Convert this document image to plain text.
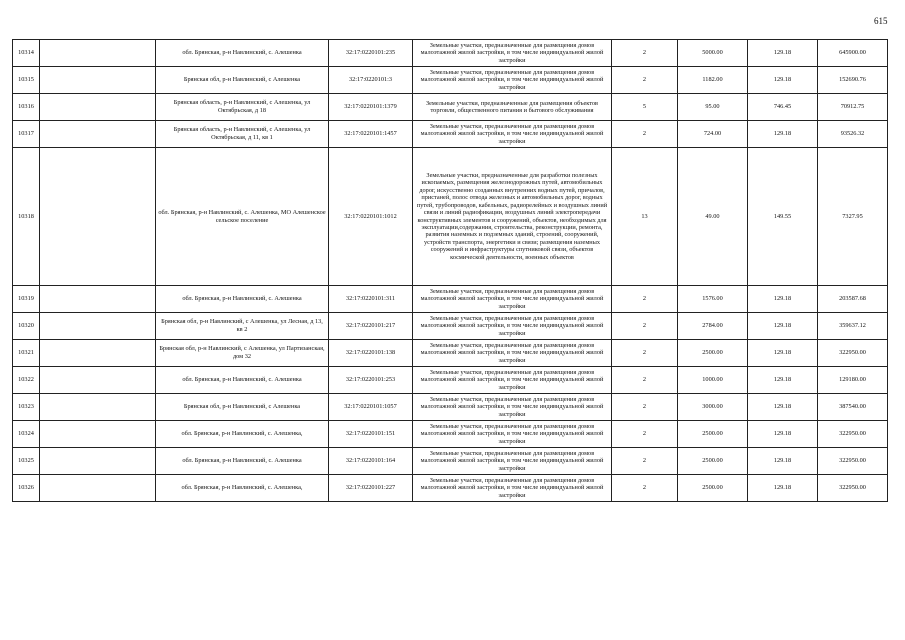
615
10314		обл. Брянская, р-н Навлинский, с. Алешенка	32:17:0220101:235	Земельные участки, предназначенные для размещения домов малоэтажной жилой застройки, в том числе индивидуальной жилой застройки	2	5000.00	129.18	645900.00
10315		Брянская обл, р-н Навлинский, с Алешенка	32:17:0220101:3	Земельные участки, предназначенные для размещения домов малоэтажной жилой застройки, в том числе индивидуальной жилой застройки	2	1182.00	129.18	152690.76
10316		Брянская область, р-н Навлинский, с Алешенка, ул Октябрьская, д 18	32:17:0220101:1379	Земельные участки, предназначенные для размещения объектов торговли, общественного питания и бытового обслуживания	5	95.00	746.45	70912.75
10317		Брянская область, р-н Навлинский, с Алешенка, ул Октябрьская, д 11, кв 1	32:17:0220101:1457	Земельные участки, предназначенные для размещения домов малоэтажной жилой застройки, в том числе индивидуальной жилой застройки	2	724.00	129.18	93526.32
10318		обл. Брянская, р-н Навлинский, с. Алешенка, МО Алешенское сельское поселение	32:17:0220101:1012	Земельные участки, предназначенные для разработки полезных ископаемых, размещения железнодорожных путей, автомобильных дорог, искусственно созданных внутренних водных путей, причалов, пристаней, полос отвода железных и автомобильных дорог, водных путей, трубопроводов, кабельных, радиорелейных и воздушных линий связи и линий радиофикации, воздушных линий электропередачи конструктивных элементов и сооружений, объектов, необходимых для эксплуатации,содержания, строительства, реконструкции, ремонта, развития наземных и подземных зданий, строений, сооружений, устройств транспорта, энергетики и связи; размещения наземных сооружений и инфраструктуры спутниковой связи, объектов космической деятельности, военных объектов	13	49.00	149.55	7327.95
10319		обл. Брянская, р-н Навлинский, с. Алешенка	32:17:0220101:311	Земельные участки, предназначенные для размещения домов малоэтажной жилой застройки, в том числе индивидуальной жилой застройки	2	1576.00	129.18	203587.68
10320		Брянская обл, р-н Навлинский, с Алешенка, ул Лесная, д 13, кв 2	32:17:0220101:217	Земельные участки, предназначенные для размещения домов малоэтажной жилой застройки, в том числе индивидуальной жилой застройки	2	2784.00	129.18	359637.12
10321		Брянская обл, р-н Навлинский, с Алешенка, ул Партизанская, дом 32	32:17:0220101:138	Земельные участки, предназначенные для размещения домов малоэтажной жилой застройки, в том числе индивидуальной жилой застройки	2	2500.00	129.18	322950.00
10322		обл. Брянская, р-н Навлинский, с. Алешенка	32:17:0220101:253	Земельные участки, предназначенные для размещения домов малоэтажной жилой застройки, в том числе индивидуальной жилой застройки	2	1000.00	129.18	129180.00
10323		Брянская обл, р-н Навлинский, с Алешенка	32:17:0220101:1057	Земельные участки, предназначенные для размещения домов малоэтажной жилой застройки, в том числе индивидуальной жилой застройки	2	3000.00	129.18	387540.00
10324		обл. Брянская, р-н Навлинский, с. Алешенка,	32:17:0220101:151	Земельные участки, предназначенные для размещения домов малоэтажной жилой застройки, в том числе индивидуальной жилой застройки	2	2500.00	129.18	322950.00
10325		обл. Брянская, р-н Навлинский, с. Алешенка	32:17:0220101:164	Земельные участки, предназначенные для размещения домов малоэтажной жилой застройки, в том числе индивидуальной жилой застройки	2	2500.00	129.18	322950.00
10326		обл. Брянская, р-н Навлинский, с. Алешенка,	32:17:0220101:227	Земельные участки, предназначенные для размещения домов малоэтажной жилой застройки, в том числе индивидуальной жилой застройки	2	2500.00	129.18	322950.00
